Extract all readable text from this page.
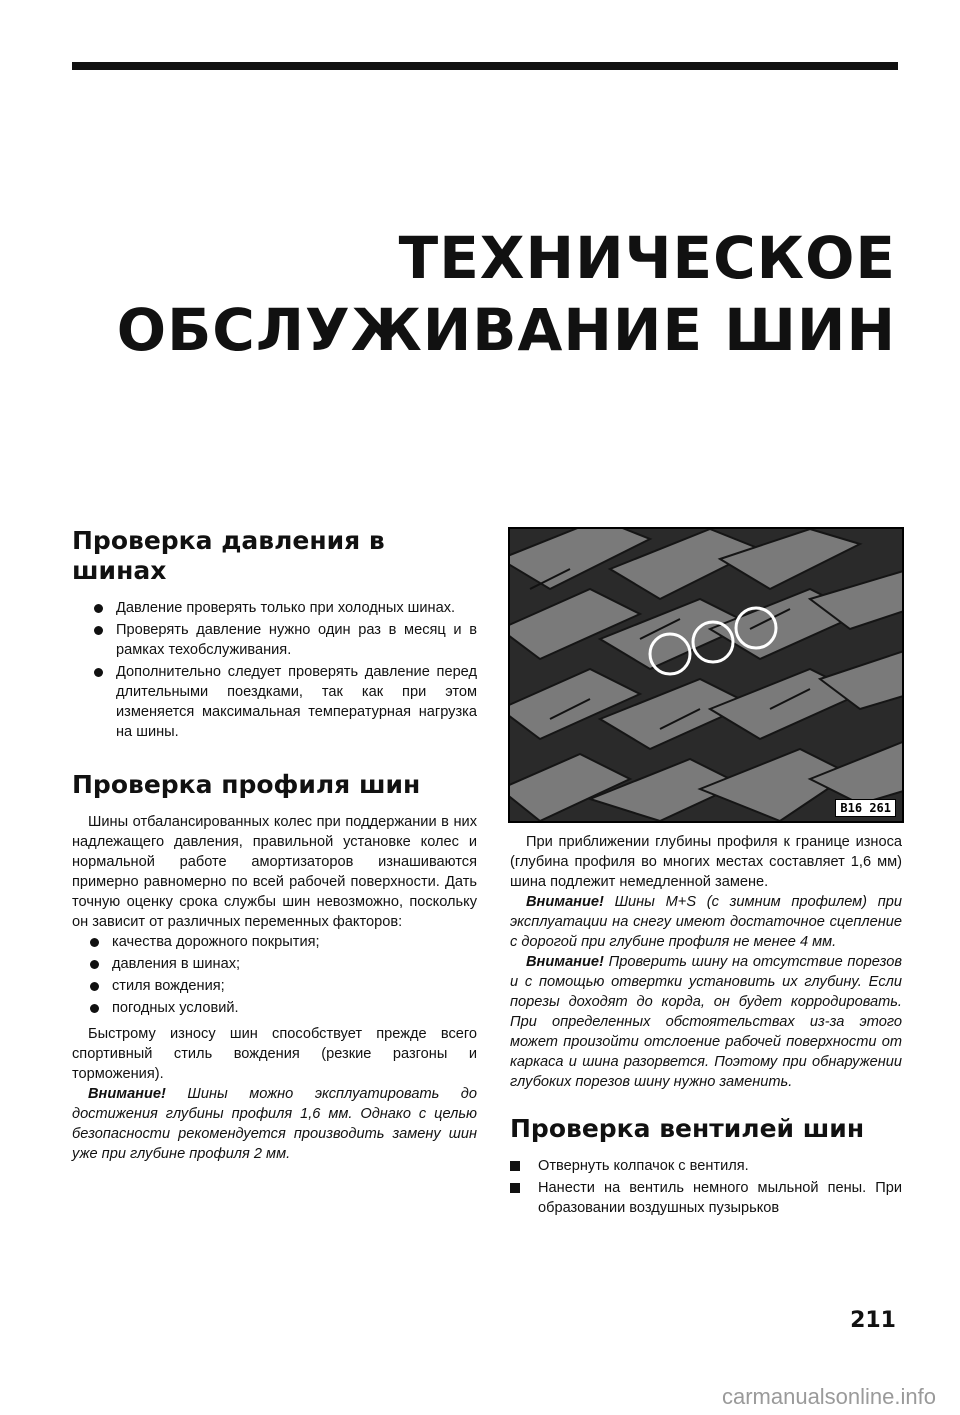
ТЕХНИЧЕСКОЕ
ОБСЛУЖИВАНИЕ ШИН
Проверка давления в шинах
Давление проверять только при холодных шинах.
Проверять давление нужно один раз в месяц и в рамках техобслуживания.
Дополнительно следует проверять давление перед длительными поездками, так как при этом изменяется максимальная температурная нагрузка на шины.
Проверка профиля шин

Шины отбалансированных колес при поддержании в них надлежащего давления, правильной установке колес и нормальной работе амортизаторов изнашиваются примерно равномерно по всей рабочей поверхности. Дать точную оценку срока службы шин невозможно, поскольку он зависит от различных переменных факторов:

качества дорожного покрытия;
давления в шинах;
стиля вождения;
погодных условий.

Быстрому износу шин способствует прежде всего спортивный стиль вождения (резкие разгоны и торможения).

Внимание! Шины можно эксплуатировать до достижения глубины профиля 1,6 мм. Однако с целью безопасности рекомендуется производить замену шин уже при глубине профиля 2 мм.

B16 261

При приближении глубины профиля к границе износа (глубина профиля во многих местах составляет 1,6 мм) шина подлежит немедленной замене.

Внимание! Шины M+S (с зимним профилем) при эксплуатации на снегу имеют достаточное сцепление с дорогой при глубине профиля не менее 4 мм.

Внимание! Проверить шину на отсутствие порезов и с помощью отвертки установить их глубину. Если порезы доходят до корда, он будет корродировать. При определенных обстоятельствах из-за этого может произойти отслоение рабочей поверхности от каркаса и шина разорвется. Поэтому при обнаружении глубоких порезов шину нужно заменить.

Проверка вентилей шин
Отвернуть колпачок с вентиля.
Нанести на вентиль немного мыльной пены. При образовании воздушных пузырьков
211
carmanualsonline.info
